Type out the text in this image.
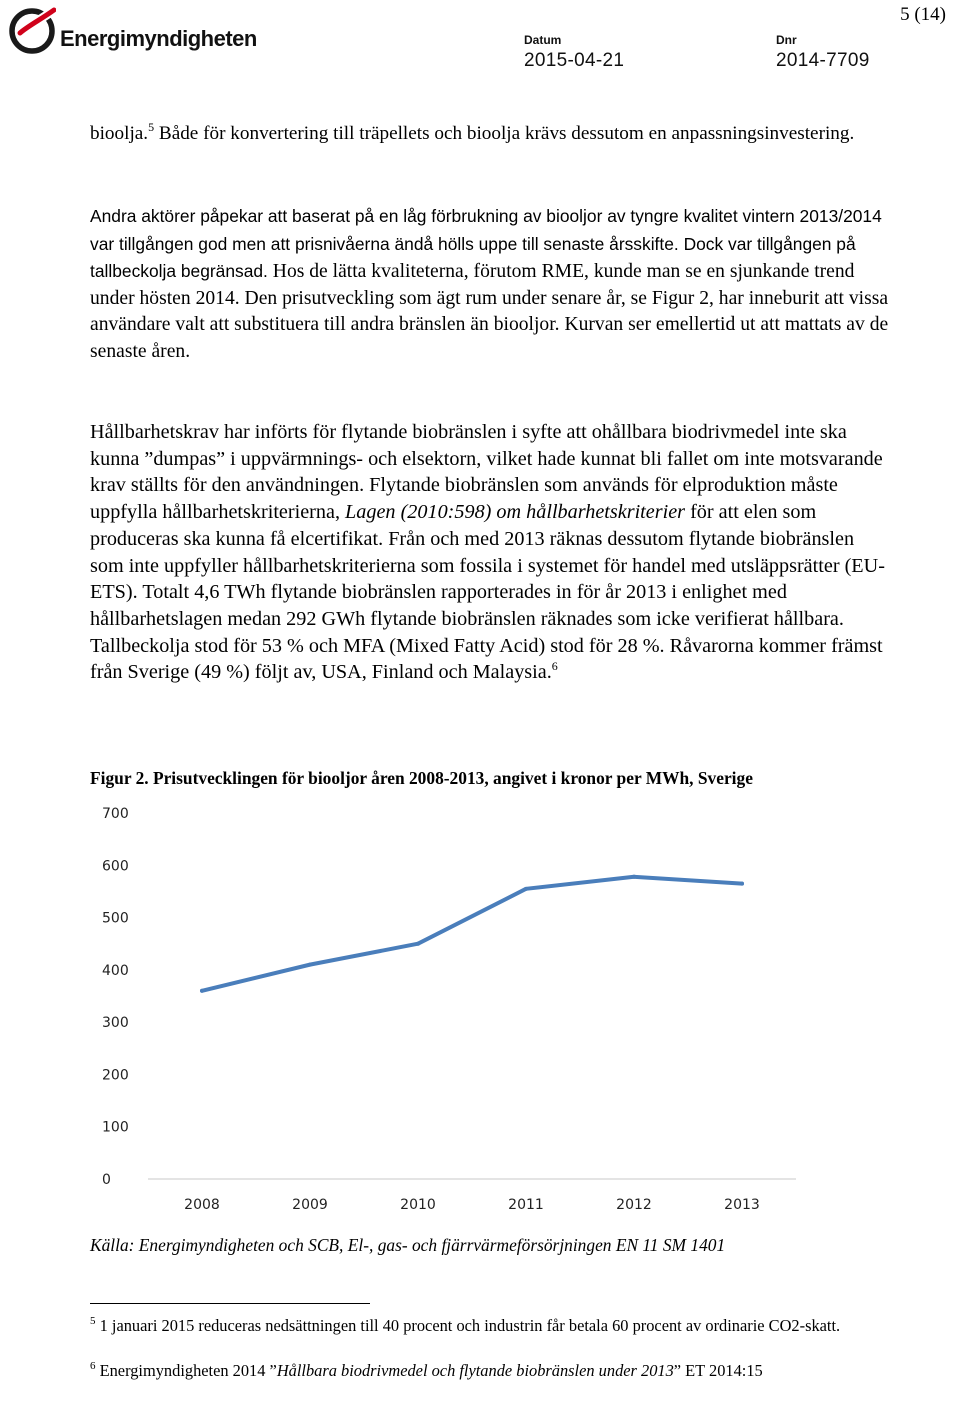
5 (14)
Energimyndigheten	Datum
2015-04-21
Dnr
2014-7709

bioolja.$^5$ Både för konvertering till träpellets och bioolja krävs dessutom en anpassningsinvestering.

Andra aktörer påpekar att baserat på en låg förbrukning av biooljor av tyngre kvalitet vintern 2013/2014 var tillgången god men att prisnivåerna ändå hölls uppe till senaste årsskifte. Dock var tillgången på tallbeckolja begränsad. Hos de lätta kvaliteterna, förutom RME, kunde man se en sjunkande trend under hösten 2014. Den prisutveckling som ägt rum under senare år, se Figur 2, har inneburit att vissa användare valt att substituera till andra bränslen än biooljor. Kurvan ser emellertid ut att mattats av de senaste åren.

Hållbarhetskrav har införts för flytande biobränslen i syfte att ohållbara biodrivmedel inte ska kunna ”dumpas” i uppvärmnings- och elsektorn, vilket hade kunnat bli fallet om inte motsvarande krav ställts för den användningen. Flytande biobränslen som används för elproduktion måste uppfylla hållbarhetskriterierna, Lagen (2010:598) om hållbarhetskriterier för att elen som produceras ska kunna få elcertifikat. Från och med 2013 räknas dessutom flytande biobränslen som inte uppfyller hållbarhetskriterierna som fossila i systemet för handel med utsläppsrätter (EU-ETS). Totalt 4,6 TWh flytande biobränslen rapporterades in för år 2013 i enlighet med hållbarhetslagen medan 292 GWh flytande biobränslen räknades som icke verifierat hållbara. Tallbeckolja stod för 53 % och MFA (Mixed Fatty Acid) stod för 28 %. Råvarorna kommer främst från Sverige (49 %) följt av, USA, Finland och Malaysia.$^6$

Figur 2. Prisutvecklingen för biooljor åren 2008-2013, angivet i kronor per MWh, Sverige

0
100
200
300
400
500
600
700
2008	2009	2010	2011	2012	2013

Källa: Energimyndigheten och SCB, El-, gas- och fjärrvärmeförsörjningen EN 11 SM 1401

$^5$ 1 januari 2015 reduceras nedsättningen till 40 procent och industrin får betala 60 procent av ordinarie CO2-skatt.

$^6$ Energimyndigheten 2014 ”Hållbara biodrivmedel och flytande biobränslen under 2013” ET 2014:15
